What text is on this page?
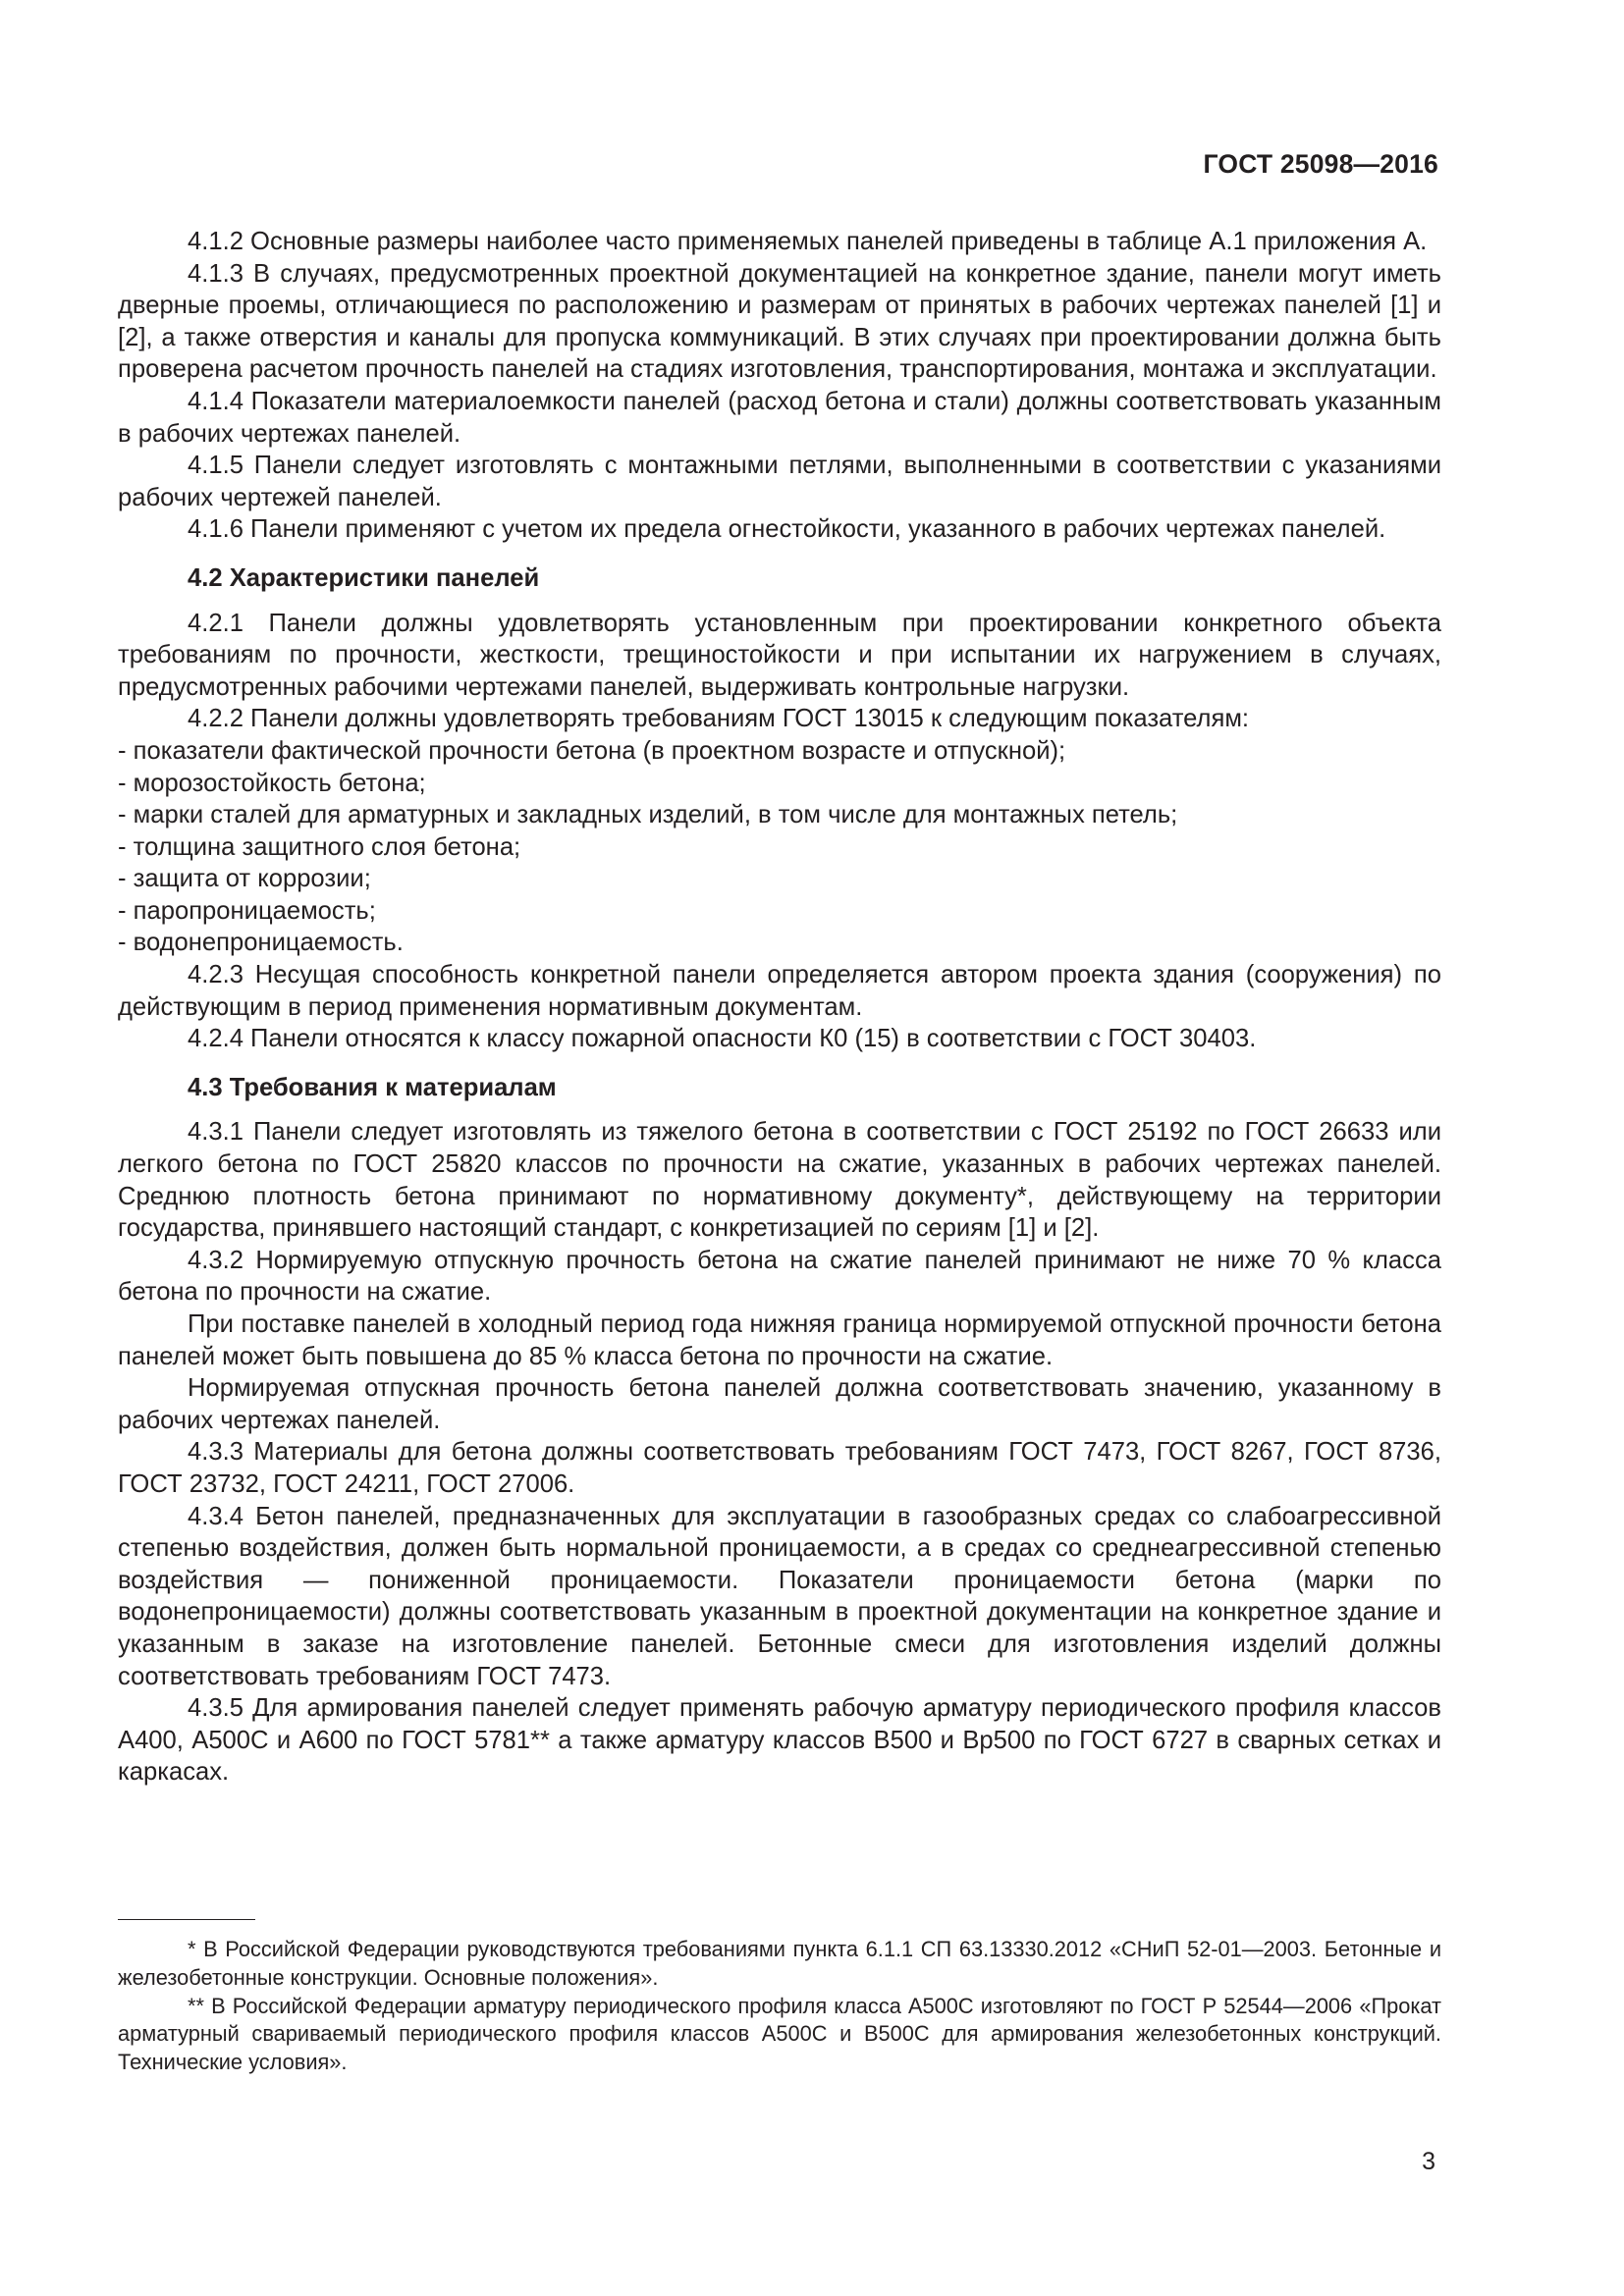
ГОСТ 25098—2016

4.1.2 Основные размеры наиболее часто применяемых панелей приведены в таблице А.1 приложения А.

4.1.3 В случаях, предусмотренных проектной документацией на конкретное здание, панели могут иметь дверные проемы, отличающиеся по расположению и размерам от принятых в рабочих чертежах панелей [1] и [2], а также отверстия и каналы для пропуска коммуникаций. В этих случаях при проектировании должна быть проверена расчетом прочность панелей на стадиях изготовления, транспортирования, монтажа и эксплуатации.

4.1.4 Показатели материалоемкости панелей (расход бетона и стали) должны соответствовать указанным в рабочих чертежах панелей.

4.1.5 Панели следует изготовлять с монтажными петлями, выполненными в соответствии с указаниями рабочих чертежей панелей.

4.1.6 Панели применяют с учетом их предела огнестойкости, указанного в рабочих чертежах панелей.

4.2 Характеристики панелей

4.2.1 Панели должны удовлетворять установленным при проектировании конкретного объекта требованиям по прочности, жесткости, трещиностойкости и при испытании их нагружением в случаях, предусмотренных рабочими чертежами панелей, выдерживать контрольные нагрузки.

4.2.2 Панели должны удовлетворять требованиям ГОСТ 13015 к следующим показателям:

- показатели фактической прочности бетона (в проектном возрасте и отпускной);

- морозостойкость бетона;

- марки сталей для арматурных и закладных изделий, в том числе для монтажных петель;

- толщина защитного слоя бетона;

- защита от коррозии;

- паропроницаемость;

- водонепроницаемость.

4.2.3 Несущая способность конкретной панели определяется автором проекта здания (сооружения) по действующим в период применения нормативным документам.

4.2.4 Панели относятся к классу пожарной опасности К0 (15) в соответствии с ГОСТ 30403.

4.3 Требования к материалам

4.3.1 Панели следует изготовлять из тяжелого бетона в соответствии с ГОСТ 25192 по ГОСТ 26633 или легкого бетона по ГОСТ 25820 классов по прочности на сжатие, указанных в рабочих чертежах панелей. Среднюю плотность бетона принимают по нормативному документу*, действующему на территории государства, принявшего настоящий стандарт, с конкретизацией по сериям [1] и [2].

4.3.2 Нормируемую отпускную прочность бетона на сжатие панелей принимают не ниже 70 % класса бетона по прочности на сжатие.

При поставке панелей в холодный период года нижняя граница нормируемой отпускной прочности бетона панелей может быть повышена до 85 % класса бетона по прочности на сжатие.

Нормируемая отпускная прочность бетона панелей должна соответствовать значению, указанному в рабочих чертежах панелей.

4.3.3 Материалы для бетона должны соответствовать требованиям ГОСТ 7473, ГОСТ 8267, ГОСТ 8736, ГОСТ 23732, ГОСТ 24211, ГОСТ 27006.

4.3.4 Бетон панелей, предназначенных для эксплуатации в газообразных средах со слабоагрессивной степенью воздействия, должен быть нормальной проницаемости, а в средах со среднеагрессивной степенью воздействия — пониженной проницаемости. Показатели проницаемости бетона (марки по водонепроницаемости) должны соответствовать указанным в проектной документации на конкретное здание и указанным в заказе на изготовление панелей. Бетонные смеси для изготовления изделий должны соответствовать требованиям ГОСТ 7473.

4.3.5 Для армирования панелей следует применять рабочую арматуру периодического профиля классов А400, А500С и А600 по ГОСТ 5781** а также арматуру классов В500 и Вр500 по ГОСТ 6727 в сварных сетках и каркасах.

* В Российской Федерации руководствуются требованиями пункта 6.1.1 СП 63.13330.2012 «СНиП 52-01—2003. Бетонные и железобетонные конструкции. Основные положения».

** В Российской Федерации арматуру периодического профиля класса А500С изготовляют по ГОСТ Р 52544—2006 «Прокат арматурный свариваемый периодического профиля классов А500С и В500С для армирования железобетонных конструкций. Технические условия».

3
